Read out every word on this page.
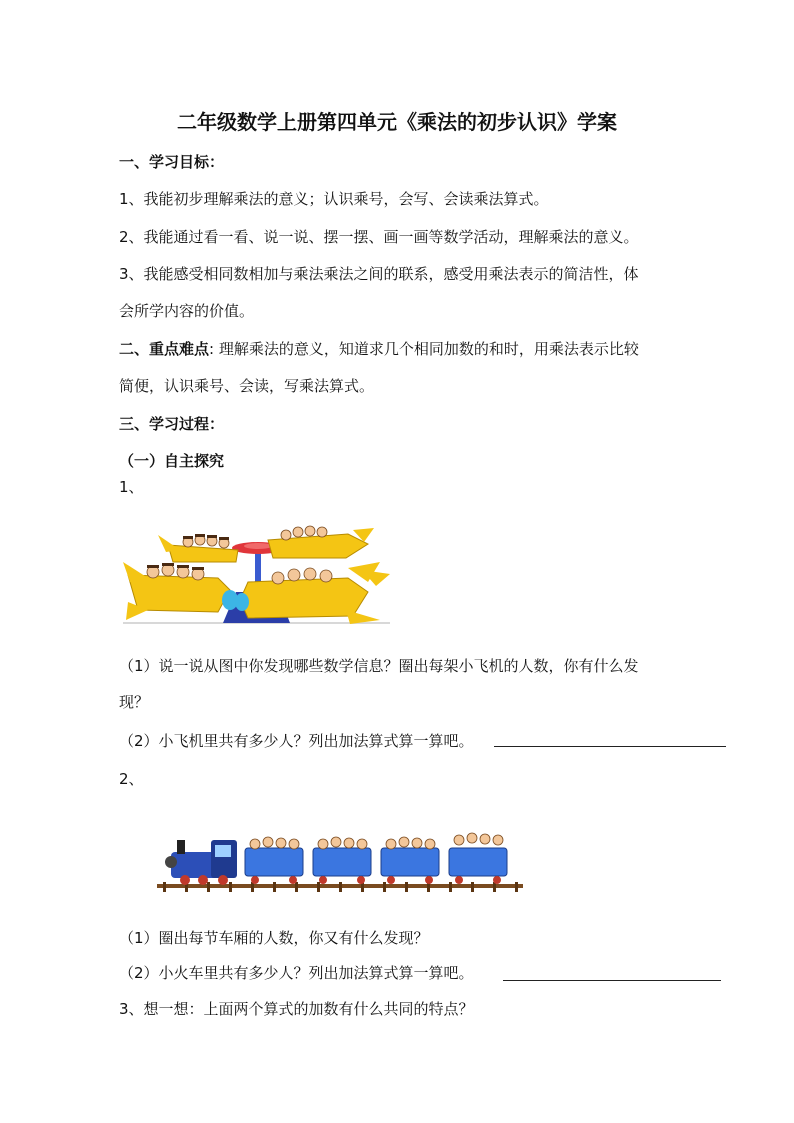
二年级数学上册第四单元《乘法的初步认识》学案
一、学习目标：
1、我能初步理解乘法的意义；认识乘号，会写、会读乘法算式。
2、我能通过看一看、说一说、摆一摆、画一画等数学活动，理解乘法的意义。
3、我能感受相同数相加与乘法乘法之间的联系，感受用乘法表示的简洁性，体
会所学内容的价值。
二、重点难点: 理解乘法的意义，知道求几个相同加数的和时，用乘法表示比较
简便，认识乘号、会读，写乘法算式。
三、学习过程：
（一）自主探究
1、
（1）说一说从图中你发现哪些数学信息？圈出每架小飞机的人数，你有什么发
现？
（2）小飞机里共有多少人？列出加法算式算一算吧。
2、
（1）圈出每节车厢的人数，你又有什么发现？
（2）小火车里共有多少人？列出加法算式算一算吧。
3、想一想：上面两个算式的加数有什么共同的特点？
